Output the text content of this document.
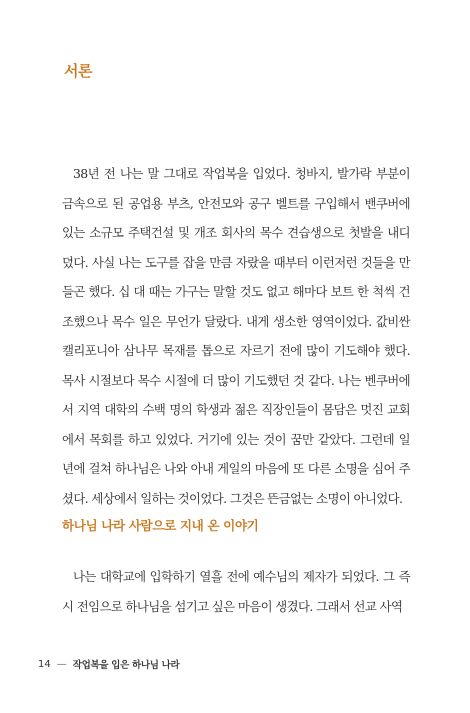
서론

38년 전 나는 말 그대로 작업복을 입었다. 청바지, 발가락 부분이 금속으로 된 공업용 부츠, 안전모와 공구 벨트를 구입해서 밴쿠버에 있는 소규모 주택건설 및 개조 회사의 목수 견습생으로 첫발을 내디뎠다. 사실 나는 도구를 잡을 만큼 자랐을 때부터 이런저런 것들을 만들곤 했다. 십 대 때는 가구는 말할 것도 없고 해마다 보트 한 척씩 건조했으나 목수 일은 무언가 달랐다. 내게 생소한 영역이었다. 값비싼 캘리포니아 삼나무 목재를 톱으로 자르기 전에 많이 기도해야 했다. 목사 시절보다 목수 시절에 더 많이 기도했던 것 같다. 나는 벤쿠버에서 지역 대학의 수백 명의 학생과 젊은 직장인들이 몸담은 멋진 교회에서 목회를 하고 있었다. 거기에 있는 것이 꿈만 같았다. 그런데 일 년에 걸쳐 하나님은 나와 아내 게일의 마음에 또 다른 소명을 심어 주셨다. 세상에서 일하는 것이었다. 그것은 뜬금없는 소명이 아니었다.

하나님 나라 사람으로 지내 온 이야기

나는 대학교에 입학하기 열흘 전에 예수님의 제자가 되었다. 그 즉시 전임으로 하나님을 섬기고 싶은 마음이 생겼다. 그래서 선교 사역

14 — 작업복을 입은 하나님 나라
